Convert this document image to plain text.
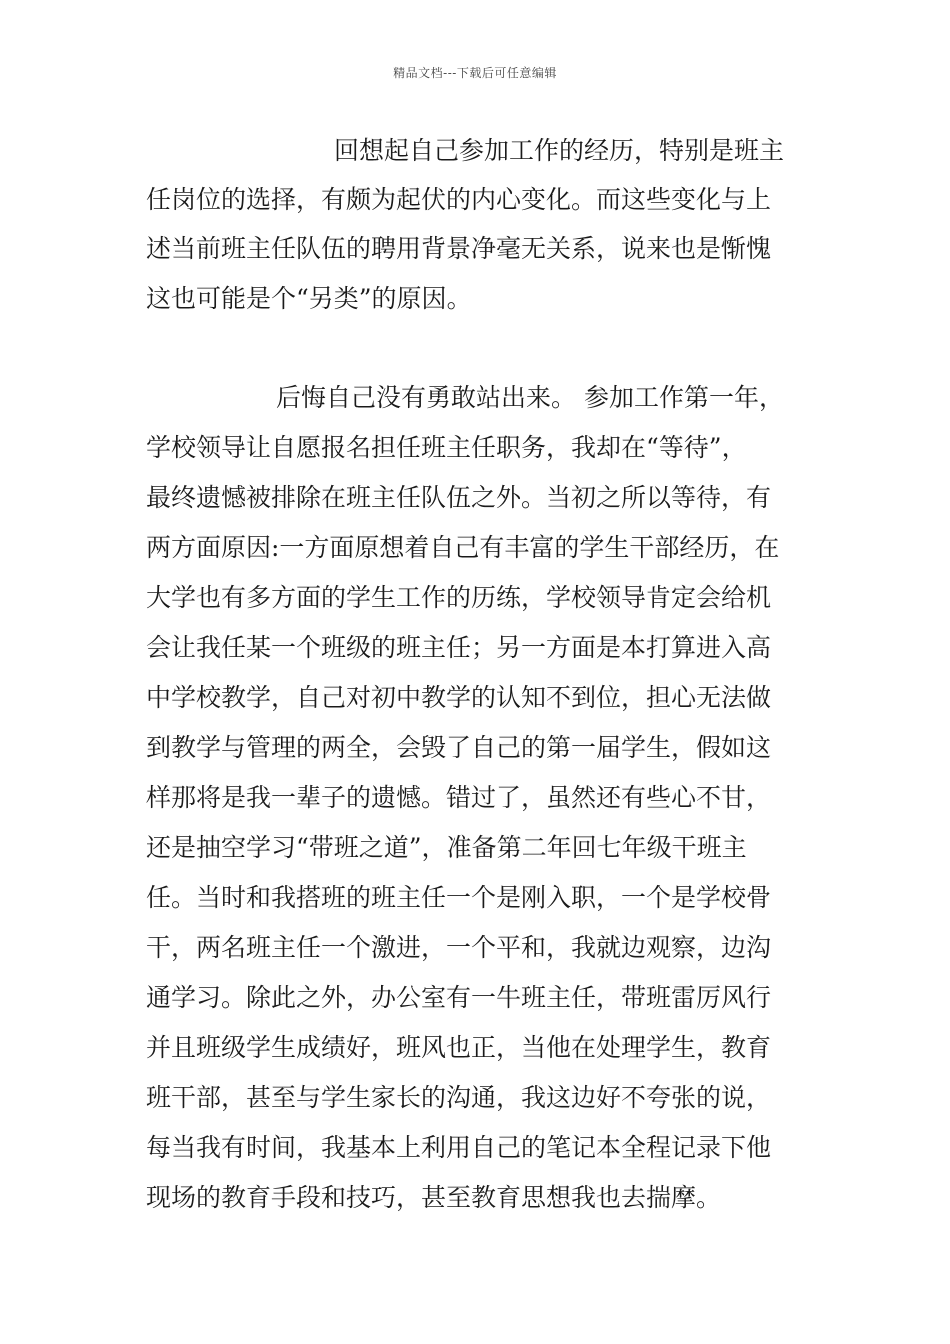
精品文档---下载后可任意编辑
回想起自己参加工作的经历，特别是班主
任岗位的选择，有颇为起伏的内心变化。而这些变化与上
述当前班主任队伍的聘用背景净毫无关系，说来也是惭愧
这也可能是个“另类”的原因。
后悔自己没有勇敢站出来。 参加工作第一年，
学校领导让自愿报名担任班主任职务，我却在“等待”，
最终遗憾被排除在班主任队伍之外。当初之所以等待，有
两方面原因:一方面原想着自己有丰富的学生干部经历，在
大学也有多方面的学生工作的历练，学校领导肯定会给机
会让我任某一个班级的班主任；另一方面是本打算进入高
中学校教学，自己对初中教学的认知不到位，担心无法做
到教学与管理的两全，会毁了自己的第一届学生，假如这
样那将是我一辈子的遗憾。错过了，虽然还有些心不甘，
还是抽空学习“带班之道”，准备第二年回七年级干班主
任。当时和我搭班的班主任一个是刚入职，一个是学校骨
干，两名班主任一个激进，一个平和，我就边观察，边沟
通学习。除此之外，办公室有一牛班主任，带班雷厉风行
并且班级学生成绩好，班风也正，当他在处理学生，教育
班干部，甚至与学生家长的沟通，我这边好不夸张的说，
每当我有时间，我基本上利用自己的笔记本全程记录下他
现场的教育手段和技巧，甚至教育思想我也去揣摩。
